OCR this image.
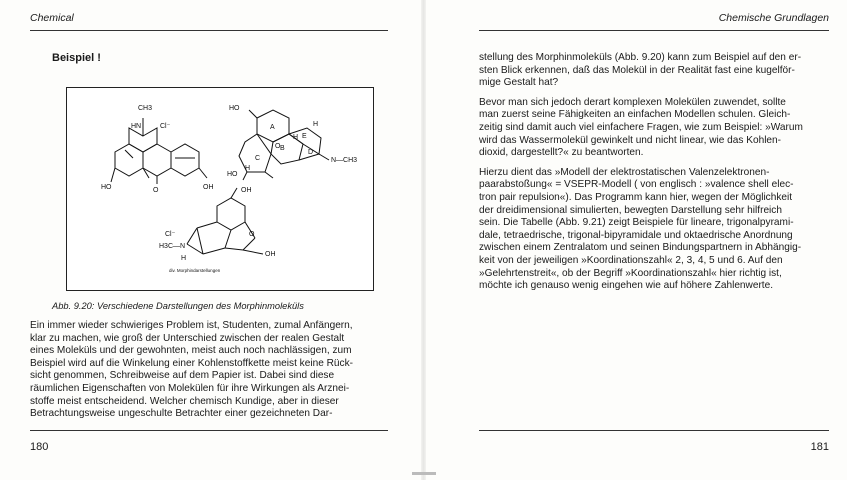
Chemical
Beispiel !
CH3
HN	Cl⁻
HO	O	OH
HO
A
B
C
D
E
H
H
H
O
N—CH3
HO
OH
Cl⁻
H3C—N
H
O
OH
div. Morphindarstellungen
Abb. 9.20: Verschiedene Darstellungen des Morphinmoleküls

Ein immer wieder schwieriges Problem ist, Studenten, zumal Anfängern,

klar zu machen, wie groß der Unterschied zwischen der realen Gestalt

eines Moleküls und der gewohnten, meist auch noch nachlässigen, zum

Beispiel wird auf die Winkelung einer Kohlenstoffkette meist keine Rück-

sicht genommen, Schreibweise auf dem Papier ist. Dabei sind diese

räumlichen Eigenschaften von Molekülen für ihre Wirkungen als Arznei-

stoffe meist entscheidend. Welcher chemisch Kundige, aber in dieser

Betrachtungsweise ungeschulte Betrachter einer gezeichneten Dar-

180
Chemische Grundlagen

stellung des Morphinmoleküls (Abb. 9.20) kann zum Beispiel auf den er-

sten Blick erkennen, daß das Molekül in der Realität fast eine kugelför-

mige Gestalt hat?

Bevor man sich jedoch derart komplexen Molekülen zuwendet, sollte

man zuerst seine Fähigkeiten an einfachen Modellen schulen. Gleich-

zeitig sind damit auch viel einfachere Fragen, wie zum Beispiel: »Warum

wird das Wassermolekül gewinkelt und nicht linear, wie das Kohlen-

dioxid, dargestellt?« zu beantworten.

Hierzu dient das »Modell der elektrostatischen Valenzelektronen-

paarabstoßung« = VSEPR-Modell ( von englisch : »valence shell elec-

tron pair repulsion«). Das Programm kann hier, wegen der Möglichkeit

der dreidimensional simulierten, bewegten Darstellung sehr hilfreich

sein. Die Tabelle (Abb. 9.21) zeigt Beispiele für lineare, trigonalpyrami-

dale, tetraedrische, trigonal-bipyramidale und oktaedrische Anordnung

zwischen einem Zentralatom und seinen Bindungspartnern in Abhängig-

keit von der jeweiligen »Koordinationszahl« 2, 3, 4, 5 und 6. Auf den

»Gelehrtenstreit«, ob der Begriff »Koordinationszahl« hier richtig ist,

möchte ich genauso wenig eingehen wie auf höhere Zahlenwerte.

181
